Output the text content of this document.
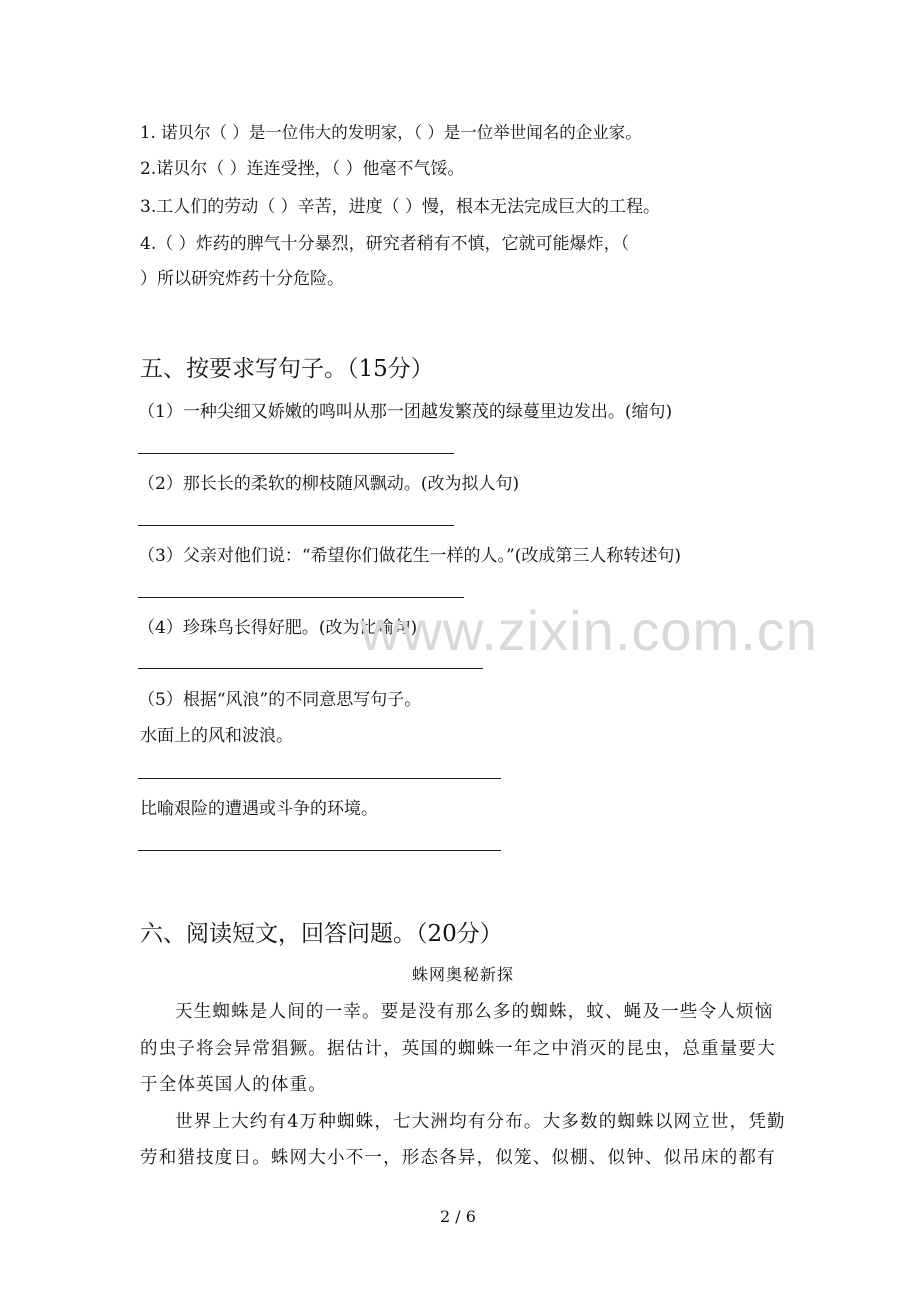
1. 诺贝尔（ ）是一位伟大的发明家，（ ）是一位举世闻名的企业家。
2.诺贝尔（ ）连连受挫，（ ）他毫不气馁。
3.工人们的劳动（ ）辛苦，进度（ ）慢，根本无法完成巨大的工程。
4.（ ）炸药的脾气十分暴烈，研究者稍有不慎，它就可能爆炸，（
）所以研究炸药十分危险。
五、按要求写句子。（15分）
（1）一种尖细又娇嫩的鸣叫从那一团越发繁茂的绿蔓里边发出。(缩句)
（2）那长长的柔软的柳枝随风飘动。(改为拟人句)
（3）父亲对他们说：“希望你们做花生一样的人。”(改成第三人称转述句)
（4）珍珠鸟长得好肥。(改为比喻句)
（5）根据“风浪”的不同意思写句子。
水面上的风和波浪。
比喻艰险的遭遇或斗争的环境。
www.zixin.com.cn
六、阅读短文，回答问题。（20分）
蛛网奥秘新探
天生蜘蛛是人间的一幸。要是没有那么多的蜘蛛，蚊、蝇及一些令人烦恼
的虫子将会异常猖獗。据估计，英国的蜘蛛一年之中消灭的昆虫，总重量要大
于全体英国人的体重。
世界上大约有4万种蜘蛛，七大洲均有分布。大多数的蜘蛛以网立世，凭勤
劳和猎技度日。蛛网大小不一，形态各异，似笼、似棚、似钟、似吊床的都有
2 / 6
